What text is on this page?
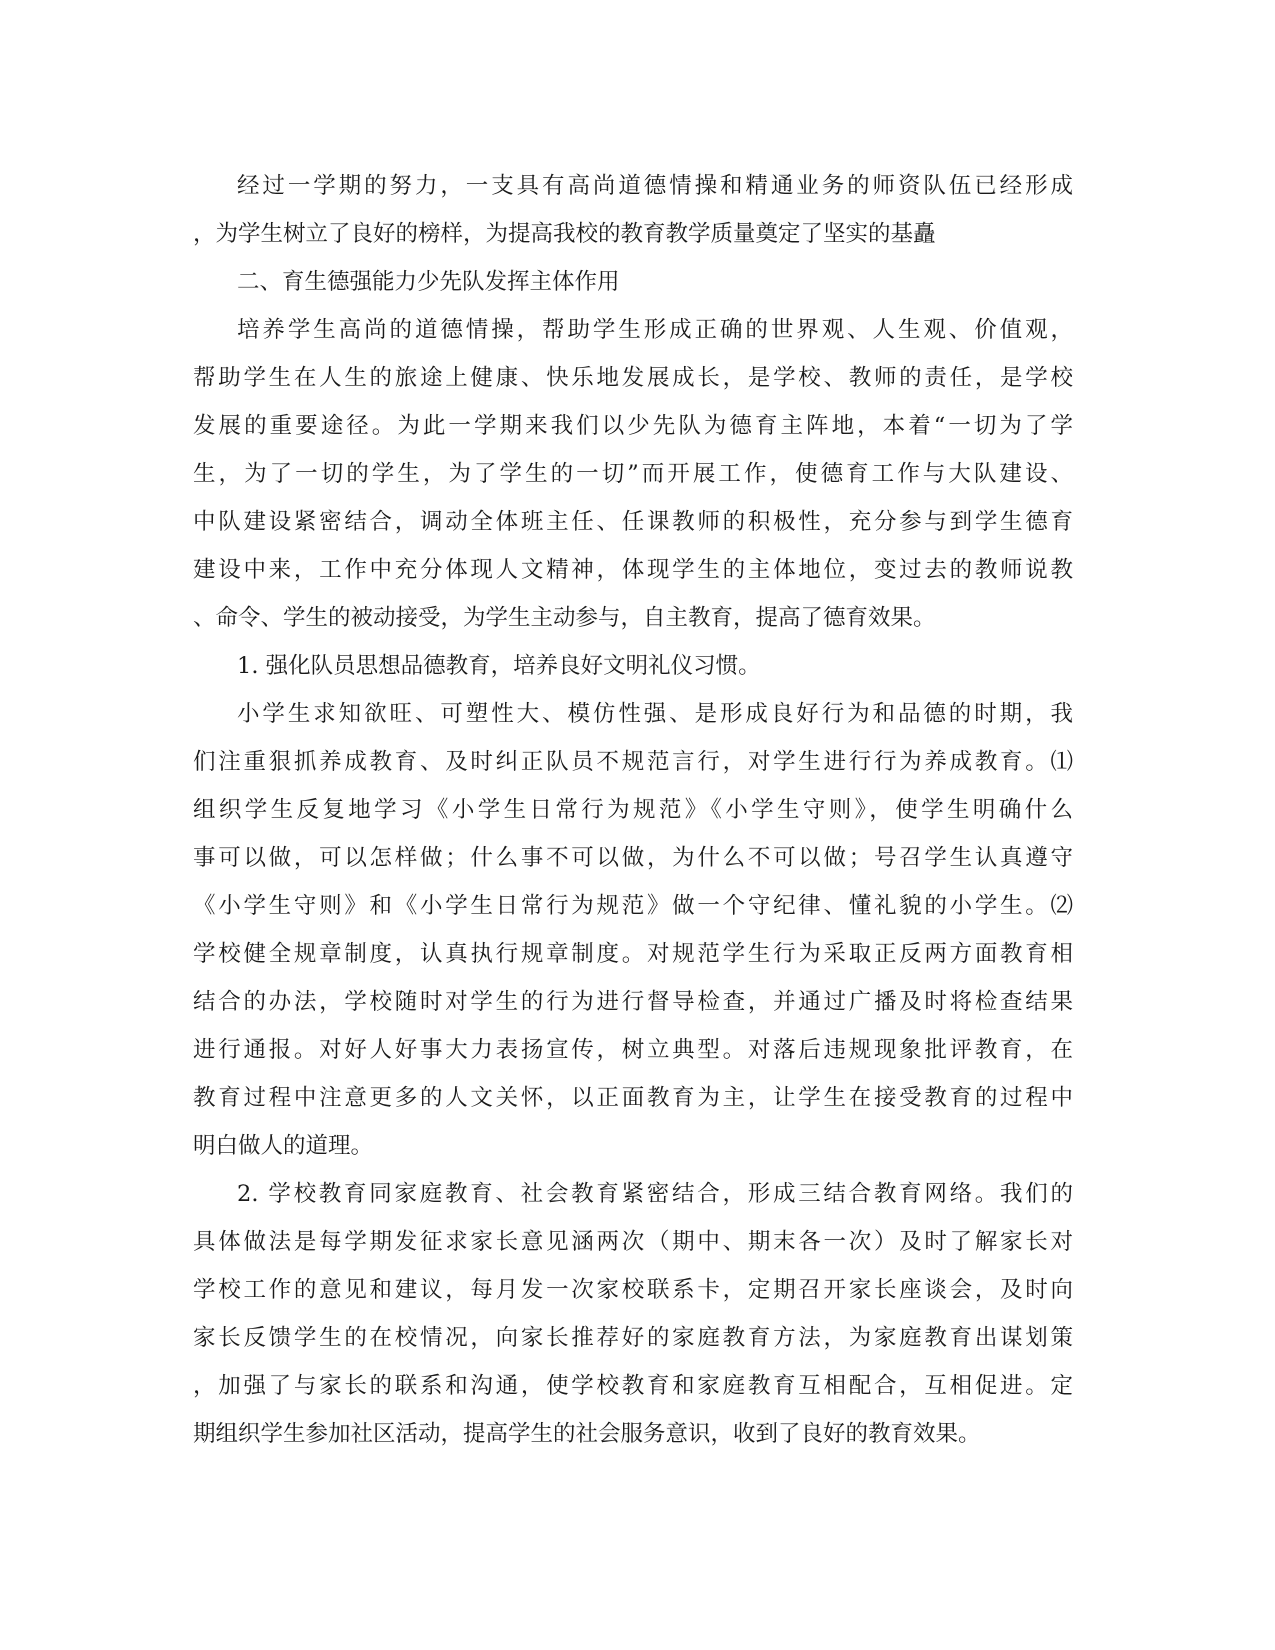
经过一学期的努力，一支具有高尚道德情操和精通业务的师资队伍已经形成
，为学生树立了良好的榜样，为提高我校的教育教学质量奠定了坚实的基矗
二、育生德强能力少先队发挥主体作用
培养学生高尚的道德情操，帮助学生形成正确的世界观、人生观、价值观，
帮助学生在人生的旅途上健康、快乐地发展成长，是学校、教师的责任，是学校
发展的重要途径。为此一学期来我们以少先队为德育主阵地，本着“一切为了学
生，为了一切的学生，为了学生的一切”而开展工作，使德育工作与大队建设、
中队建设紧密结合，调动全体班主任、任课教师的积极性，充分参与到学生德育
建设中来，工作中充分体现人文精神，体现学生的主体地位，变过去的教师说教
、命令、学生的被动接受，为学生主动参与，自主教育，提高了德育效果。
1. 强化队员思想品德教育，培养良好文明礼仪习惯。
小学生求知欲旺、可塑性大、模仿性强、是形成良好行为和品德的时期，我
们注重狠抓养成教育、及时纠正队员不规范言行，对学生进行行为养成教育。⑴
组织学生反复地学习《小学生日常行为规范》《小学生守则》，使学生明确什么
事可以做，可以怎样做；什么事不可以做，为什么不可以做；号召学生认真遵守
《小学生守则》和《小学生日常行为规范》做一个守纪律、懂礼貌的小学生。⑵
学校健全规章制度，认真执行规章制度。对规范学生行为采取正反两方面教育相
结合的办法，学校随时对学生的行为进行督导检查，并通过广播及时将检查结果
进行通报。对好人好事大力表扬宣传，树立典型。对落后违规现象批评教育，在
教育过程中注意更多的人文关怀，以正面教育为主，让学生在接受教育的过程中
明白做人的道理。
2. 学校教育同家庭教育、社会教育紧密结合，形成三结合教育网络。我们的
具体做法是每学期发征求家长意见涵两次（期中、期末各一次）及时了解家长对
学校工作的意见和建议，每月发一次家校联系卡，定期召开家长座谈会，及时向
家长反馈学生的在校情况，向家长推荐好的家庭教育方法，为家庭教育出谋划策
，加强了与家长的联系和沟通，使学校教育和家庭教育互相配合，互相促进。定
期组织学生参加社区活动，提高学生的社会服务意识，收到了良好的教育效果。
